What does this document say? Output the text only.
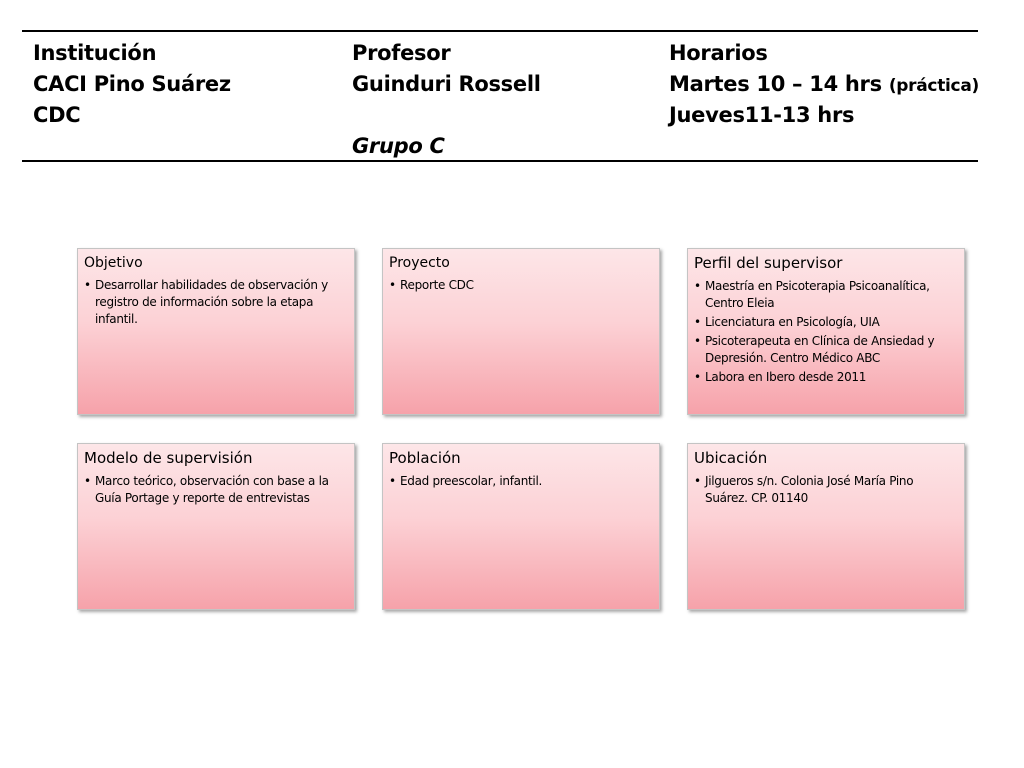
Institución
CACI Pino Suárez
CDC
Profesor
Guinduri Rossell
Grupo C
Horarios
Martes 10 – 14 hrs (práctica)
Jueves11-13 hrs
Objetivo
• Desarrollar habilidades de observación y registro de información sobre la etapa infantil.
Proyecto
• Reporte CDC
Perfil del supervisor
• Maestría en Psicoterapia Psicoanalítica, Centro Eleia
• Licenciatura en Psicología, UIA
• Psicoterapeuta en Clínica de Ansiedad y Depresión. Centro Médico ABC
• Labora en Ibero desde 2011
Modelo de supervisión
• Marco teórico, observación con base a la Guía Portage y reporte de entrevistas
Población
• Edad preescolar, infantil.
Ubicación
• Jilgueros s/n. Colonia José María Pino Suárez. CP. 01140
